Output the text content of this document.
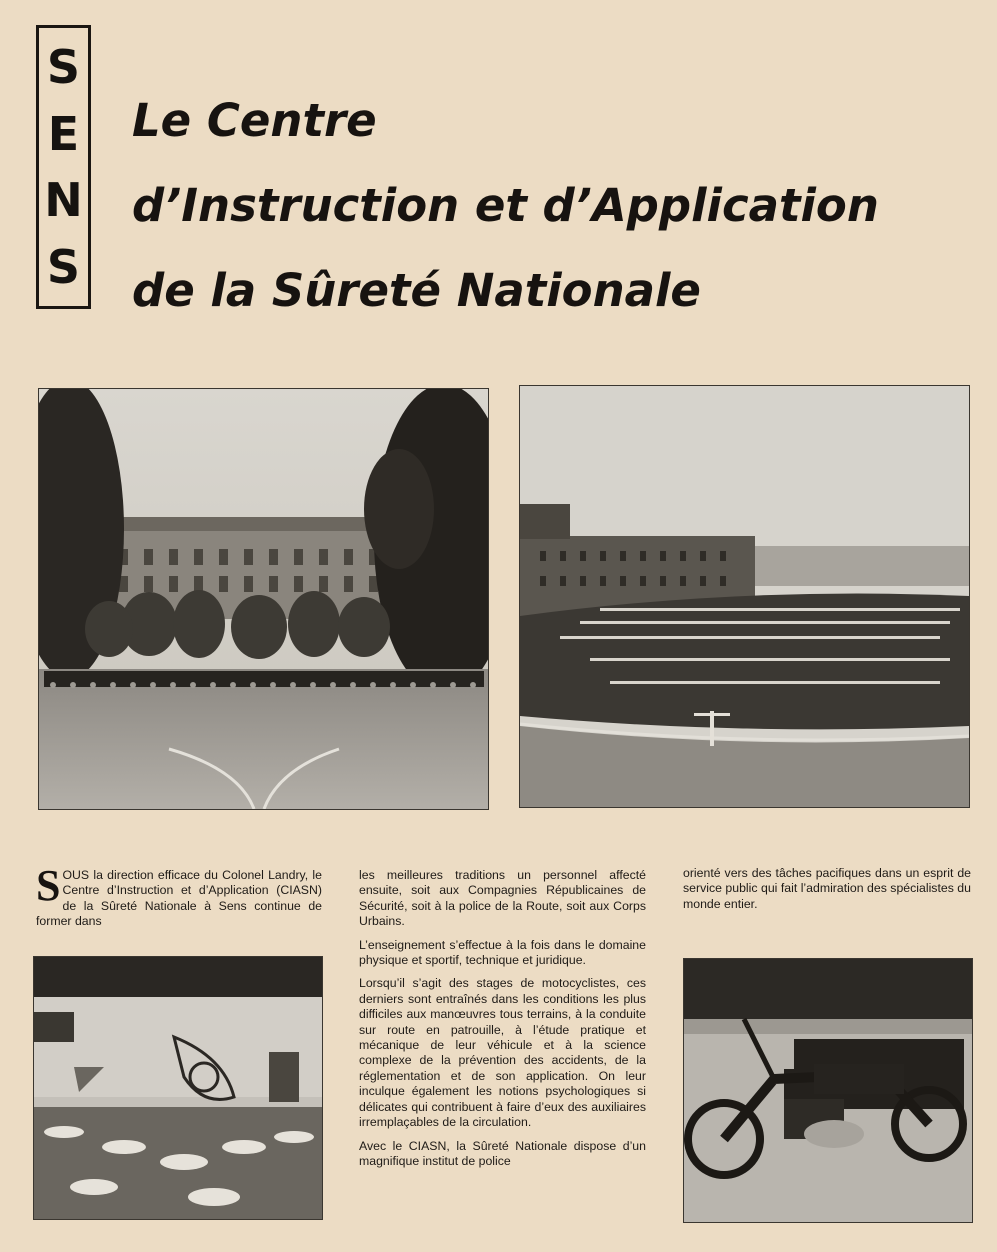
S
E
N
S
Le Centre
d’Instruction et d’Application
de la Sûreté Nationale

SOUS la direction efficace du Colonel Landry, le Centre d’Instruction et d’Application (CIASN) de la Sûreté Nationale à Sens continue de former dans

les meilleures traditions un personnel affecté ensuite, soit aux Compagnies Républicaines de Sécurité, soit à la police de la Route, soit aux Corps Urbains.

L’enseignement s’effectue à la fois dans le domaine physique et sportif, technique et juridique.

Lorsqu’il s’agit des stages de motocyclistes, ces derniers sont entraînés dans les conditions les plus difficiles aux manœuvres tous terrains, à la conduite sur route en patrouille, à l’étude pratique et mécanique de leur véhicule et à la science complexe de la prévention des accidents, de la réglementation et de son application. On leur inculque également les notions psychologiques si délicates qui contribuent à faire d’eux des auxiliaires irremplaçables de la circulation.

Avec le CIASN, la Sûreté Nationale dispose d’un magnifique institut de police

orienté vers des tâches pacifiques dans un esprit de service public qui fait l’admiration des spécialistes du monde entier.
